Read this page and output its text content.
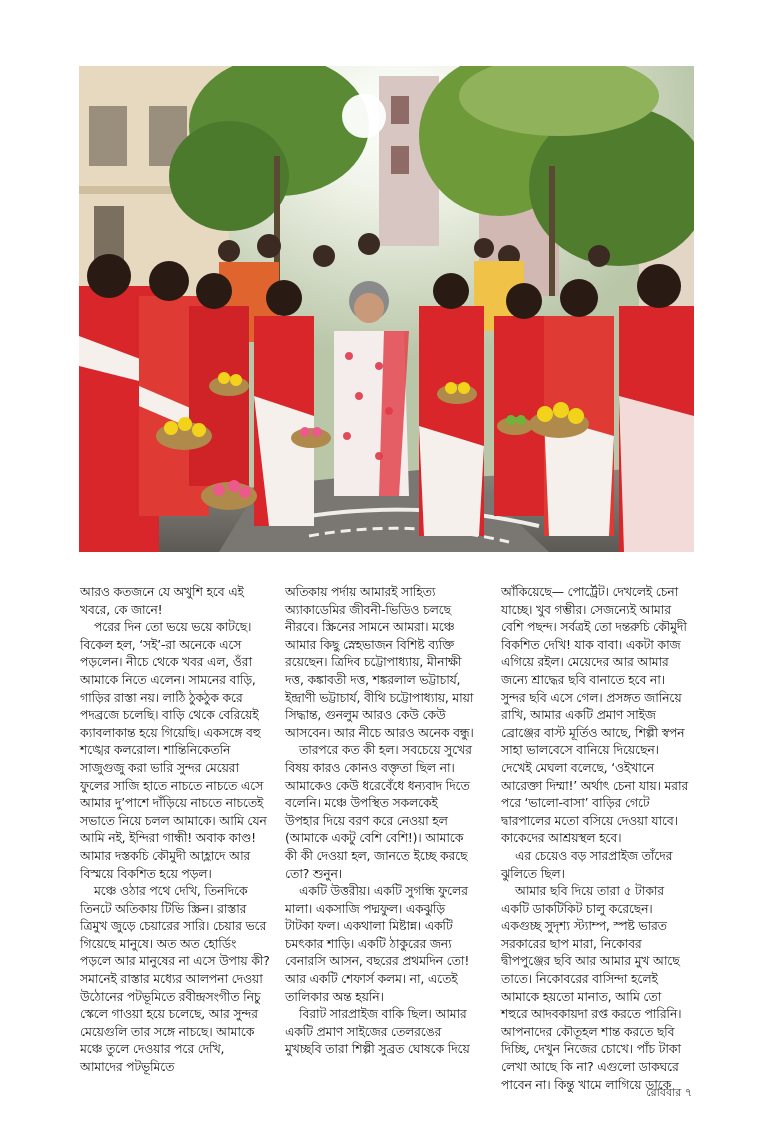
আরও কতজনে যে অখুশি হবে এই খবরে, কে জানে!

পরের দিন তো ভয়ে ভয়ে কাটছে। বিকেল হল, ‘সই’-রা অনেকে এসে পড়লেন। নীচে থেকে খবর এল, ওঁরা আমাকে নিতে এলেন। সামনের বাড়ি, গাড়ির রাস্তা নয়। লাঠি ঠুকঠুক করে পদব্রজে চলেছি। বাড়ি থেকে বেরিয়েই ক্যাবলাকান্ত হয়ে গিয়েছি। একসঙ্গে বহু শঙ্খের কলরোল। শান্তিনিকেতনি সাজুগুজু করা ভারি সুন্দর মেয়েরা ফুলের সাজি হাতে নাচতে নাচতে এসে আমার দু’পাশে দাঁড়িয়ে নাচতে নাচতেই সভাতে নিয়ে চলল আমাকে। আমি যেন আমি নই, ইন্দিরা গান্ধী! অবাক কাণ্ড! আমার দস্তকচি কৌমুদী আহ্লাদে আর বিস্ময়ে বিকশিত হয়ে পড়ল।

মঞ্চে ওঠার পথে দেখি, তিনদিকে তিনটে অতিকায় টিভি স্ক্রিন। রাস্তার ত্রিমুখ জুড়ে চেয়ারের সারি। চেয়ার ভরে গিয়েছে মানুষে। অত অত হোর্ডিং পড়লে আর মানুষের না এসে উপায় কী? সমানেই রাস্তার মধ্যের আলপনা দেওয়া উঠোনের পটভূমিতে রবীন্দ্রসংগীত নিচু স্কেলে গাওয়া হয়ে চলেছে, আর সুন্দর মেয়েগুলি তার সঙ্গে নাচছে। আমাকে মঞ্চে তুলে দেওয়ার পরে দেখি, আমাদের পটভূমিতে

অতিকায় পর্দায় আমারই সাহিত্য অ্যাকাডেমির জীবনী-ভিডিও চলছে নীরবে। স্ক্রিনের সামনে আমরা। মঞ্চে আমার কিছু স্নেহভাজন বিশিষ্ট ব্যক্তি রয়েছেন। ত্রিদিব চট্টোপাধ্যায়, মীনাক্ষী দত্ত, কঙ্কাবতী দত্ত, শঙ্করলাল ভট্টাচার্য, ইন্দ্রাণী ভট্টাচার্য, বীথি চট্টোপাধ্যায়, মায়া সিদ্ধান্ত, গুনলুম আরও কেউ কেউ আসবেন। আর নীচে আরও অনেক বন্ধু।

তারপরে কত কী হল। সবচেয়ে সুখের বিষয় কারও কোনও বক্তৃতা ছিল না। আমাকেও কেউ ধরেবেঁধে ধন্যবাদ দিতে বলেনি। মঞ্চে উপস্থিত সকলকেই উপহার দিয়ে বরণ করে নেওয়া হল (আমাকে একটু বেশি বেশি!)। আমাকে কী কী দেওয়া হল, জানতে ইচ্ছে করছে তো? শুনুন।

একটি উত্তরীয়। একটি সুগন্ধি ফুলের মালা। একসাজি পদ্মফুল। একঝুড়ি টাটকা ফল। একথালা মিষ্টান্ন। একটি চমৎকার শাড়ি। একটি ঠাকুরের জন্য বেনারসি আসন, বছরের প্রথমদিন তো! আর একটি শেফার্স কলম। না, এতেই তালিকার অন্ত হয়নি।

বিরাট সারপ্রাইজ বাকি ছিল। আমার একটি প্রমাণ সাইজের তেলরঙের মুখচ্ছবি তারা শিল্পী সুব্রত ঘোষকে দিয়ে

আঁকিয়েছে— পোর্ট্রেট। দেখলেই চেনা যাচ্ছে। খুব গম্ভীর। সেজন্যেই আমার বেশি পছন্দ। সর্বত্রই তো দন্তরুচি কৌমুদী বিকশিত দেখি! যাক বাবা। একটা কাজ এগিয়ে রইল। মেয়েদের আর আমার জন্যে শ্রাদ্ধের ছবি বানাতে হবে না। সুন্দর ছবি এসে গেল। প্রসঙ্গত জানিয়ে রাখি, আমার একটি প্রমাণ সাইজ ব্রোঞ্জের বাস্ট মূর্তিও আছে, শিল্পী স্বপন সাহা ভালবেসে বানিয়ে দিয়েছেন। দেখেই মেঘলা বলেছে, ‘ওইখানে আরেক্তা দিম্মা!’ অর্থাৎ চেনা যায়। মরার পরে ‘ভালো-বাসা’ বাড়ির গেটে দ্বারপালের মতো বসিয়ে দেওয়া যাবে। কাকেদের আশ্রয়স্থল হবে।

এর চেয়েও বড় সারপ্রাইজ তাঁদের ঝুলিতে ছিল।

আমার ছবি দিয়ে তারা ৫ টাকার একটি ডাকটিকিট চালু করেছেন। একগুচ্ছ সুদৃশ্য স্ট্যাম্প, স্পষ্ট ভারত সরকারের ছাপ মারা, নিকোবর দ্বীপপুঞ্জের ছবি আর আমার মুখ আছে তাতে। নিকোবরের বাসিন্দা হলেই আমাকে হয়তো মানাত, আমি তো শহুরে আদবকায়দা রপ্ত করতে পারিনি। আপনাদের কৌতূহল শান্ত করতে ছবি দিচ্ছি, দেখুন নিজের চোখে। পাঁচ টাকা লেখা আছে কি না? এগুলো ডাকঘরে পাবেন না। কিন্তু খামে লাগিয়ে ডাকে

রোববার ৭
